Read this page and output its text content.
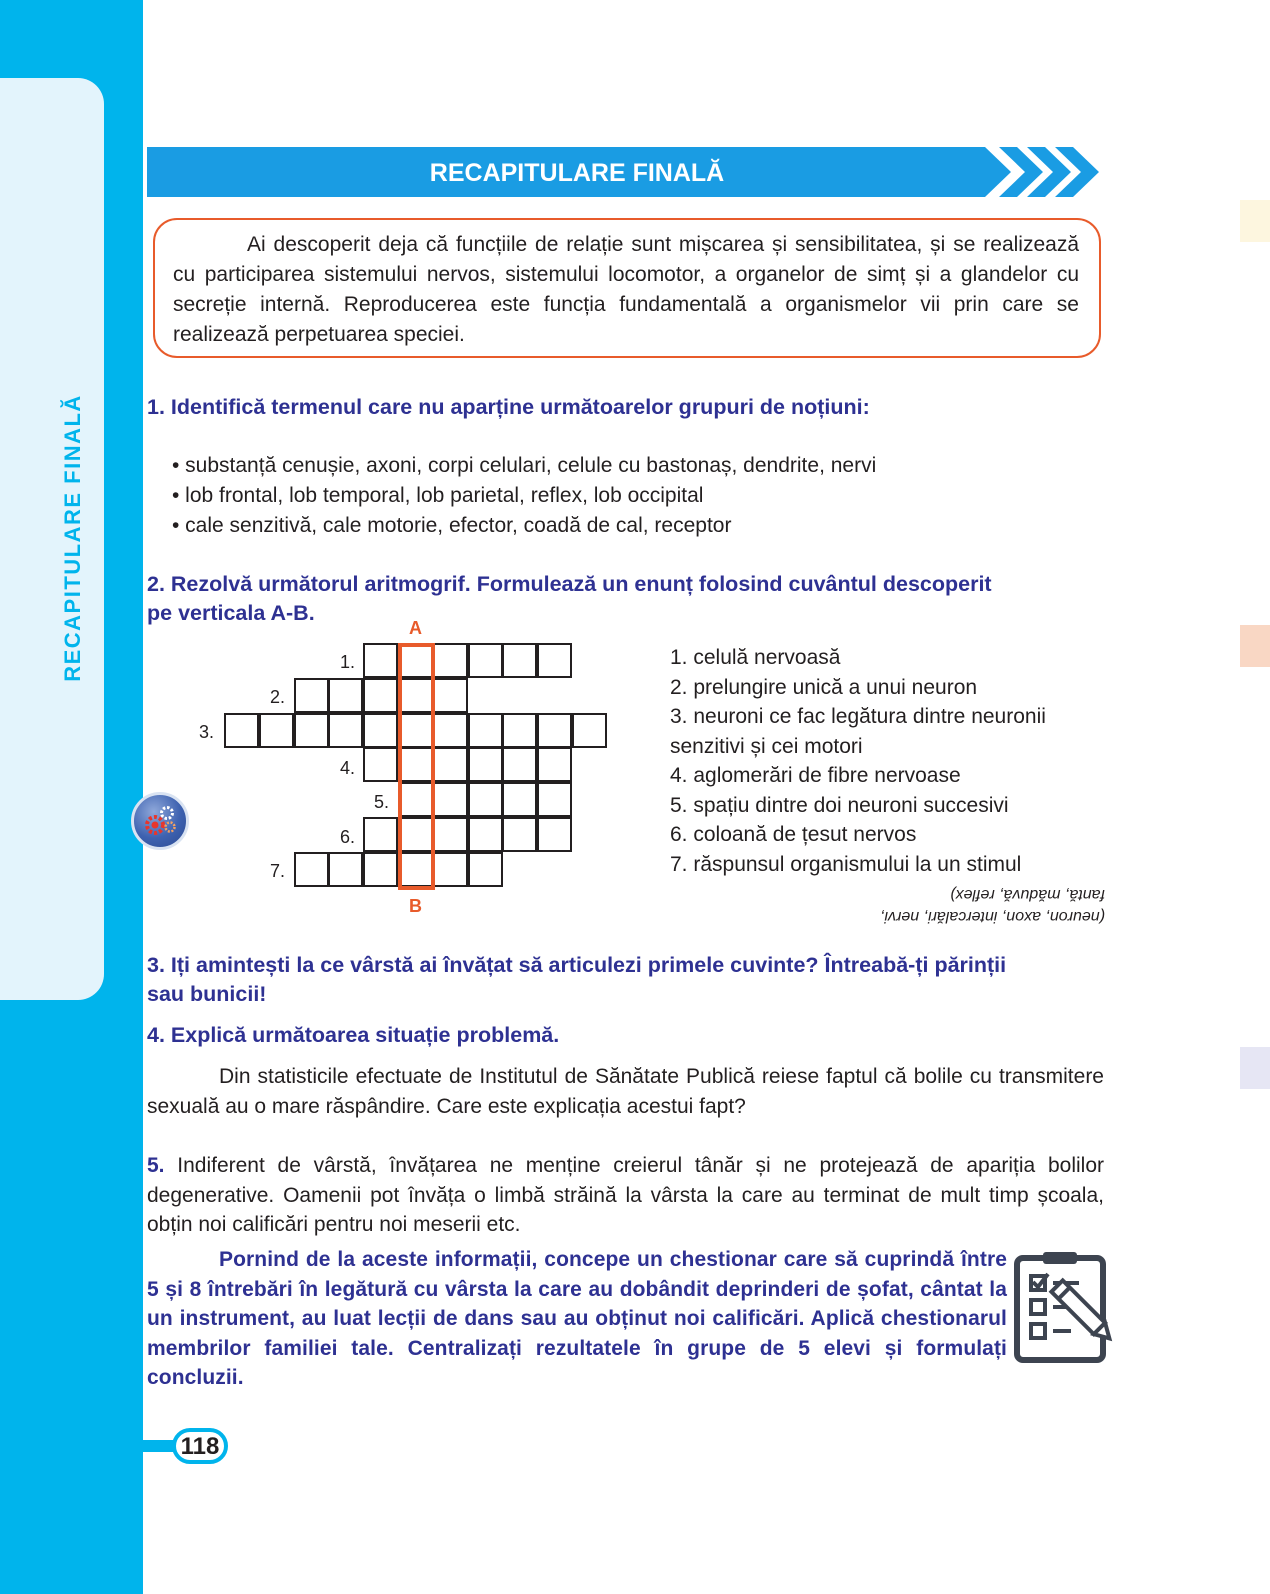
RECAPITULARE FINALĂ
RECAPITULARE FINALĂ

Ai descoperit deja că funcțiile de relație sunt mișcarea și sensibilitatea, și se realizează cu participarea sistemului nervos, sistemului locomotor, a organelor de simț și a glandelor cu secreție internă. Reproducerea este funcția fundamentală a organismelor vii prin care se realizează perpetuarea speciei.

1. Identifică termenul care nu aparține următoarelor grupuri de noțiuni:
• substanță cenușie, axoni, corpi celulari, celule cu bastonaș, dendrite, nervi
• lob frontal, lob temporal, lob parietal, reflex, lob occipital
• cale senzitivă, cale motorie, efector, coadă de cal, receptor
2. Rezolvă următorul aritmogrif. Formulează un enunț folosind cuvântul descoperit
pe verticala A-B.
A
B
1.
2.
3.
4.
5.
6.
7.
1. celulă nervoasă
2. prelungire unică a unui neuron
3. neuroni ce fac legătura dintre neuronii
senzitivi și cei motori
4. aglomerări de fibre nervoase
5. spațiu dintre doi neuroni succesivi
6. coloană de țesut nervos
7. răspunsul organismului la un stimul
(neuron, axon, intercalări, nervi,
fantă, măduvă, reflex)
3. Iți amintești la ce vârstă ai învățat să articulezi primele cuvinte? Întreabă-ți părinții
sau bunicii!
4. Explică următoarea situație problemă.
Din statisticile efectuate de Institutul de Sănătate Publică reiese faptul că bolile cu transmitere sexuală au o mare răspândire. Care este explicația acestui fapt?
5. Indiferent de vârstă, învățarea ne menține creierul tânăr și ne protejează de apariția bolilor degenerative. Oamenii pot învăța o limbă străină la vârsta la care au terminat de mult timp școala, obțin noi calificări pentru noi meserii etc.
Pornind de la aceste informații, concepe un chestionar care să cuprindă între 5 și 8 întrebări în legătură cu vârsta la care au dobândit deprinderi de șofat, cântat la un instrument, au luat lecții de dans sau au obținut noi calificări. Aplică chestionarul membrilor familiei tale. Centralizați rezultatele în grupe de 5 elevi și formulați concluzii.
118
